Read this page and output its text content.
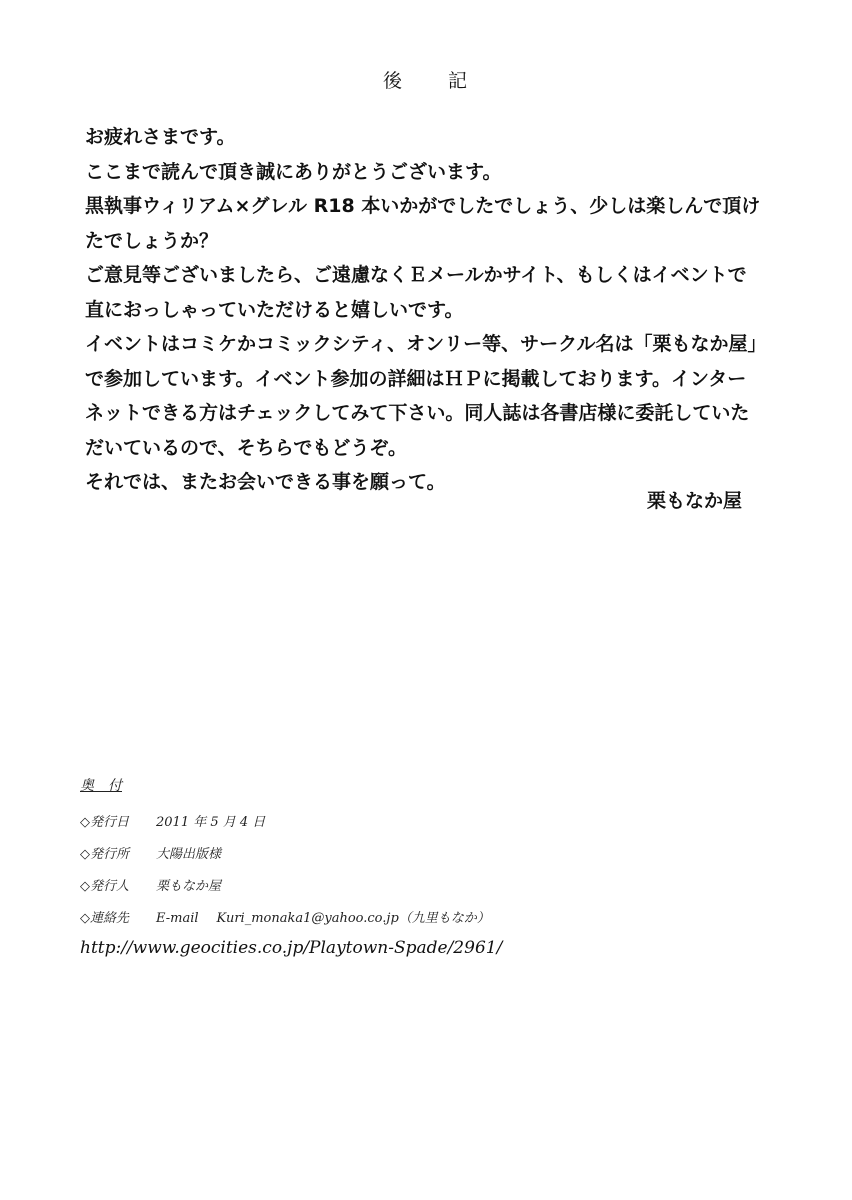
後 記

お疲れさまです。

ここまで読んで頂き誠にありがとうございます。

黒執事ウィリアム×グレル R18 本いかがでしたでしょう、少しは楽しんで頂け

たでしょうか？

ご意見等ございましたら、ご遠慮なくＥメールかサイト、もしくはイベントで

直におっしゃっていただけると嬉しいです。

イベントはコミケかコミックシティ、オンリー等、サークル名は「栗もなか屋」

で参加しています。イベント参加の詳細はＨＰに掲載しております。インター

ネットできる方はチェックしてみて下さい。同人誌は各書店様に委託していた

だいているので、そちらでもどうぞ。

それでは、またお会いできる事を願って。

栗もなか屋
奥　付
◇発行日 2011 年 5 月 4 日
◇発行所 大陽出版様
◇発行人 栗もなか屋
◇連絡先 E-mail Kuri_monaka1@yahoo.co.jp（九里もなか）
http://www.geocities.co.jp/Playtown-Spade/2961/
